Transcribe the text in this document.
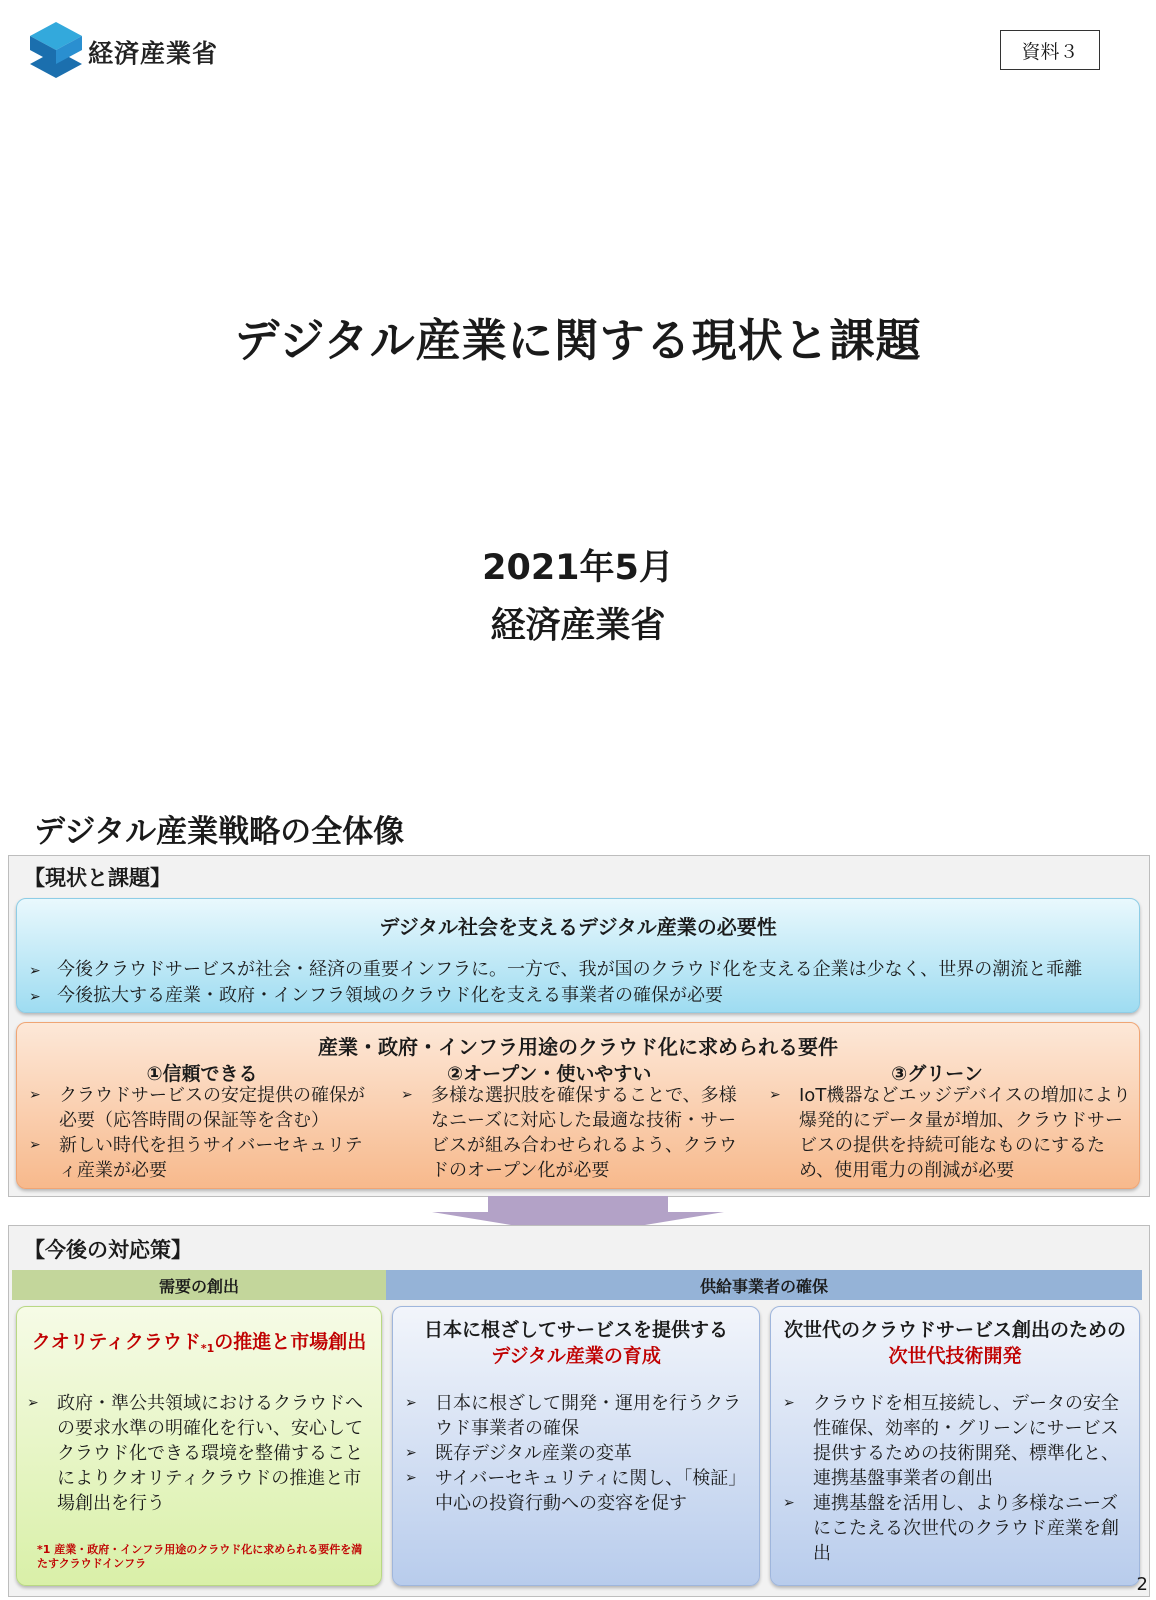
経済産業省	資料３
デジタル産業に関する現状と課題
2021年5月
経済産業省
デジタル産業戦略の全体像
【現状と課題】
デジタル社会を支えるデジタル産業の必要性
➢ 今後クラウドサービスが社会・経済の重要インフラに。一方で、我が国のクラウド化を支える企業は少なく、世界の潮流と乖離
➢ 今後拡大する産業・政府・インフラ領域のクラウド化を支える事業者の確保が必要
産業・政府・インフラ用途のクラウド化に求められる要件
①信頼できる	②オープン・使いやすい	③グリーン
➢ クラウドサービスの安定提供の確保が必要（応答時間の保証等を含む）
➢ 新しい時代を担うサイバーセキュリティ産業が必要
➢ 多様な選択肢を確保することで、多様なニーズに対応した最適な技術・サービスが組み合わせられるよう、クラウドのオープン化が必要
➢ IoT機器などエッジデバイスの増加により爆発的にデータ量が増加、クラウドサービスの提供を持続可能なものにするため、使用電力の削減が必要
【今後の対応策】
需要の創出	供給事業者の確保
クオリティクラウド$_{*1}$の推進と市場創出
➢ 政府・準公共領域におけるクラウドへの要求水準の明確化を行い、安心してクラウド化できる環境を整備することによりクオリティクラウドの推進と市場創出を行う
*1 産業・政府・インフラ用途のクラウド化に求められる要件を満たすクラウドインフラ
日本に根ざしてサービスを提供する
デジタル産業の育成
➢ 日本に根ざして開発・運用を行うクラウド事業者の確保
➢ 既存デジタル産業の変革
➢ サイバーセキュリティに関し、「検証」中心の投資行動への変容を促す
次世代のクラウドサービス創出のための
次世代技術開発
➢ クラウドを相互接続し、データの安全性確保、効率的・グリーンにサービス提供するための技術開発、標準化と、連携基盤事業者の創出
➢ 連携基盤を活用し、より多様なニーズにこたえる次世代のクラウド産業を創出
2
